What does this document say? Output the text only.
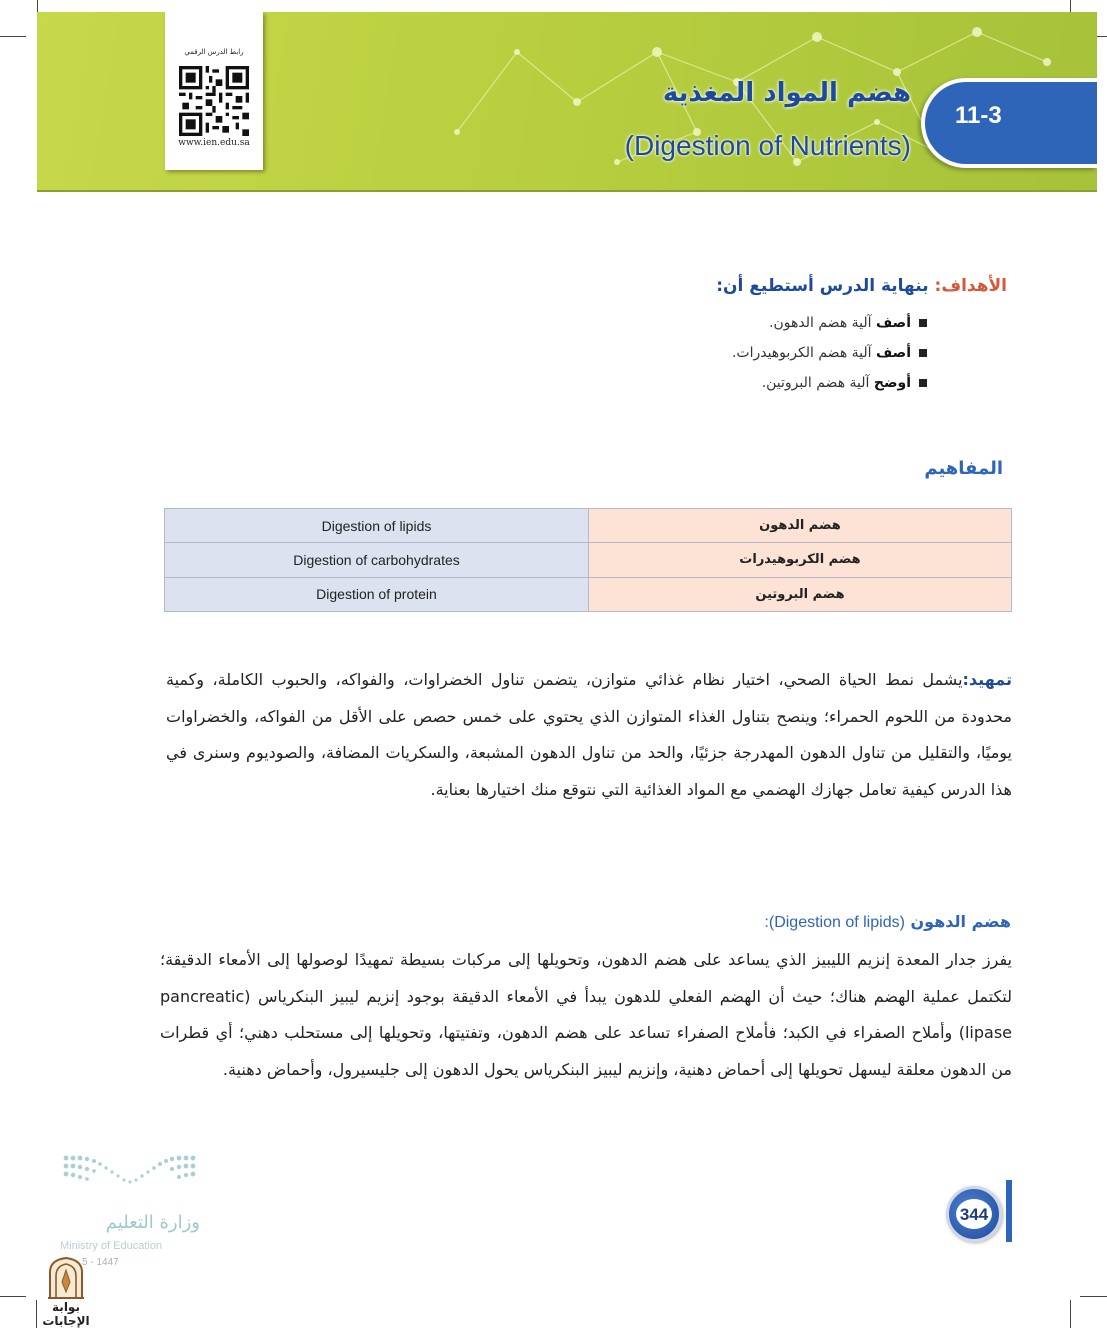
رابط الدرس الرقمي
www.ien.edu.sa
هضم المواد المغذية
(Digestion of Nutrients)
11-3
الأهداف: بنهاية الدرس أستطيع أن:
أصف آلية هضم الدهون.
أصف آلية هضم الكربوهيدرات.
أوضح آلية هضم البروتين.
المفاهيم
Digestion of lipids	هضم الدهون
Digestion of carbohydrates	هضم الكربوهيدرات
Digestion of protein	هضم البروتين

تمهيد:يشمل نمط الحياة الصحي، اختيار نظام غذائي متوازن، يتضمن تناول الخضراوات، والفواكه، والحبوب الكاملة، وكمية محدودة من اللحوم الحمراء؛ وينصح بتناول الغذاء المتوازن الذي يحتوي على خمس حصص على الأقل من الفواكه، والخضراوات يوميًا، والتقليل من تناول الدهون المهدرجة جزئيًا، والحد من تناول الدهون المشبعة، والسكريات المضافة، والصوديوم وسنرى في هذا الدرس كيفية تعامل جهازك الهضمي مع المواد الغذائية التي نتوقع منك اختيارها بعناية.

هضم الدهون (Digestion of lipids):

يفرز جدار المعدة إنزيم الليبيز الذي يساعد على هضم الدهون، وتحويلها إلى مركبات بسيطة تمهيدًا لوصولها إلى الأمعاء الدقيقة؛ لتكتمل عملية الهضم هناك؛ حيث أن الهضم الفعلي للدهون يبدأ في الأمعاء الدقيقة بوجود إنزيم ليبيز البنكرياس (pancreatic lipase) وأملاح الصفراء في الكبد؛ فأملاح الصفراء تساعد على هضم الدهون، وتفتيتها، وتحويلها إلى مستحلب دهني؛ أي قطرات من الدهون معلقة ليسهل تحويلها إلى أحماض دهنية، وإنزيم ليبيز البنكرياس يحول الدهون إلى جليسيرول، وأحماض دهنية.

وزارة التعليم
Ministry of Education
5 - 1447
بوابة الإجابات
344
